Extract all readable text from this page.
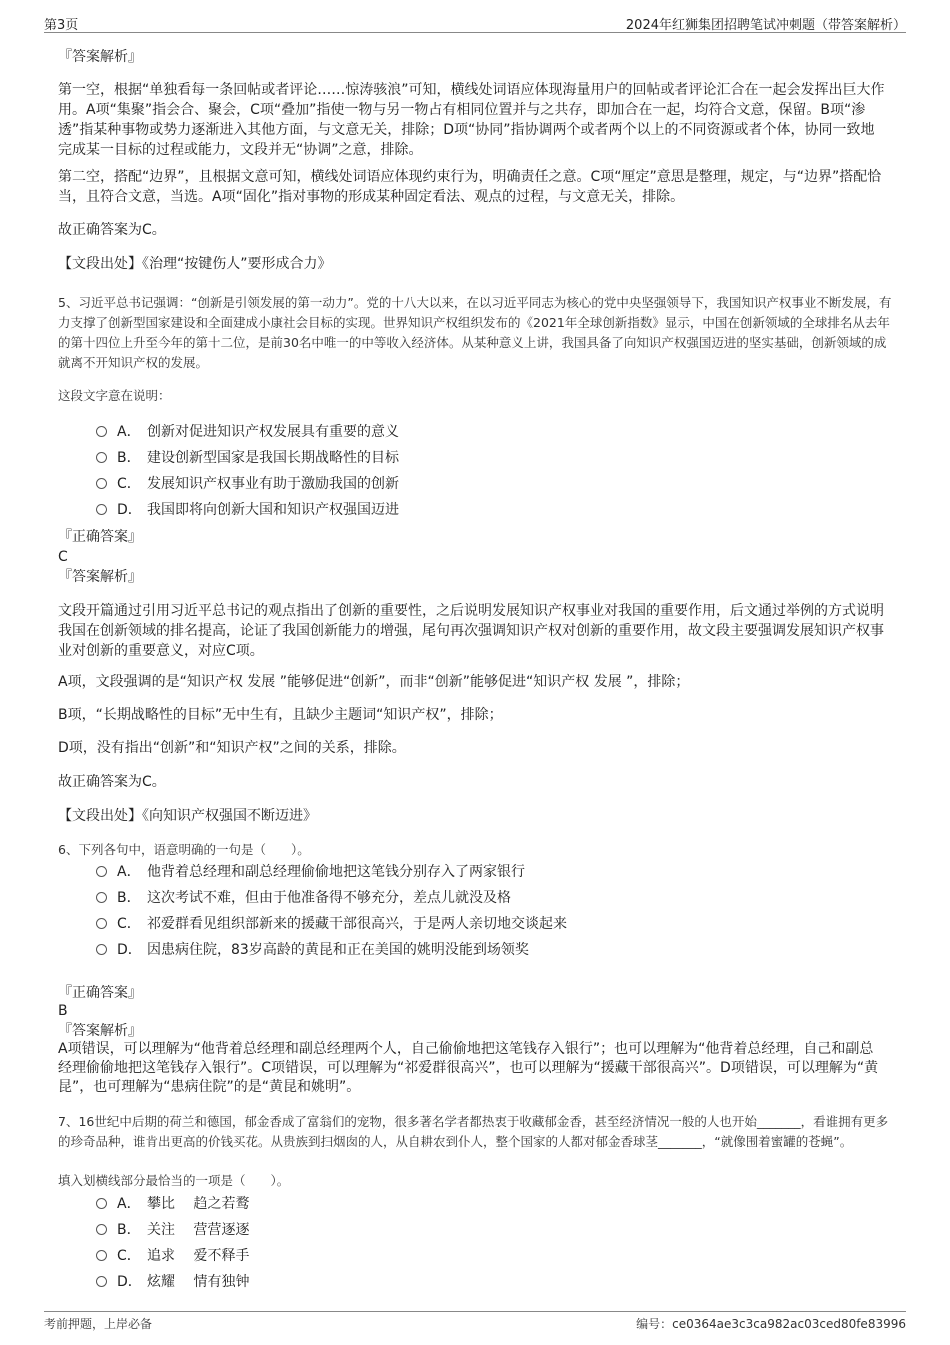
第3页	2024年红狮集团招聘笔试冲刺题（带答案解析）
『答案解析』
第一空，根据“单独看每一条回帖或者评论……惊涛骇浪”可知，横线处词语应体现海量用户的回帖或者评论汇合在一起会发挥出巨大作用。A项“集聚”指会合、聚会，C项“叠加”指使一物与另一物占有相同位置并与之共存，即加合在一起，均符合文意，保留。B项“渗透”指某种事物或势力逐渐进入其他方面，与文意无关，排除；D项“协同”指协调两个或者两个以上的不同资源或者个体，协同一致地完成某一目标的过程或能力，文段并无“协调”之意，排除。
第二空，搭配“边界”，且根据文意可知，横线处词语应体现约束行为，明确责任之意。C项“厘定”意思是整理，规定，与“边界”搭配恰当，且符合文意，当选。A项“固化”指对事物的形成某种固定看法、观点的过程，与文意无关，排除。
故正确答案为C。
【文段出处】《治理“按键伤人”要形成合力》
5、习近平总书记强调：“创新是引领发展的第一动力”。党的十八大以来，在以习近平同志为核心的党中央坚强领导下，我国知识产权事业不断发展，有力支撑了创新型国家建设和全面建成小康社会目标的实现。世界知识产权组织发布的《2021年全球创新指数》显示，中国在创新领域的全球排名从去年的第十四位上升至今年的第十二位，是前30名中唯一的中等收入经济体。从某种意义上讲，我国具备了向知识产权强国迈进的坚实基础，创新领域的成就离不开知识产权的发展。
这段文字意在说明：
A． 创新对促进知识产权发展具有重要的意义
B． 建设创新型国家是我国长期战略性的目标
C． 发展知识产权事业有助于激励我国的创新
D． 我国即将向创新大国和知识产权强国迈进
『正确答案』
C
『答案解析』
文段开篇通过引用习近平总书记的观点指出了创新的重要性，之后说明发展知识产权事业对我国的重要作用，后文通过举例的方式说明我国在创新领域的排名提高，论证了我国创新能力的增强，尾句再次强调知识产权对创新的重要作用，故文段主要强调发展知识产权事业对创新的重要意义，对应C项。
A项，文段强调的是“知识产权 发展 ”能够促进“创新”，而非“创新”能够促进“知识产权 发展 ”，排除；
B项，“长期战略性的目标”无中生有，且缺少主题词“知识产权”，排除；
D项，没有指出“创新”和“知识产权”之间的关系，排除。
故正确答案为C。
【文段出处】《向知识产权强国不断迈进》
6、下列各句中，语意明确的一句是（　　）。
A． 他背着总经理和副总经理偷偷地把这笔钱分别存入了两家银行
B． 这次考试不难，但由于他准备得不够充分，差点儿就没及格
C． 祁爱群看见组织部新来的援藏干部很高兴，于是两人亲切地交谈起来
D． 因患病住院，83岁高龄的黄昆和正在美国的姚明没能到场领奖
『正确答案』
B
『答案解析』
A项错误，可以理解为“他背着总经理和副总经理两个人，自己偷偷地把这笔钱存入银行”；也可以理解为“他背着总经理，自己和副总经理偷偷地把这笔钱存入银行”。C项错误，可以理解为“祁爱群很高兴”，也可以理解为“援藏干部很高兴”。D项错误，可以理解为“黄昆”，也可理解为“患病住院”的是“黄昆和姚明”。
7、16世纪中后期的荷兰和德国，郁金香成了富翁们的宠物，很多著名学者都热衷于收藏郁金香，甚至经济情况一般的人也开始_______，看谁拥有更多的珍奇品种，谁肯出更高的价钱买花。从贵族到扫烟囱的人，从自耕农到仆人，整个国家的人都对郁金香球茎_______，“就像围着蜜罐的苍蝇”。
填入划横线部分最恰当的一项是（　　）。
A． 攀比　 趋之若鹜
B． 关注　 营营逐逐
C． 追求　 爱不释手
D． 炫耀　 情有独钟
考前押题，上岸必备	编号：ce0364ae3c3ca982ac03ced80fe83996
